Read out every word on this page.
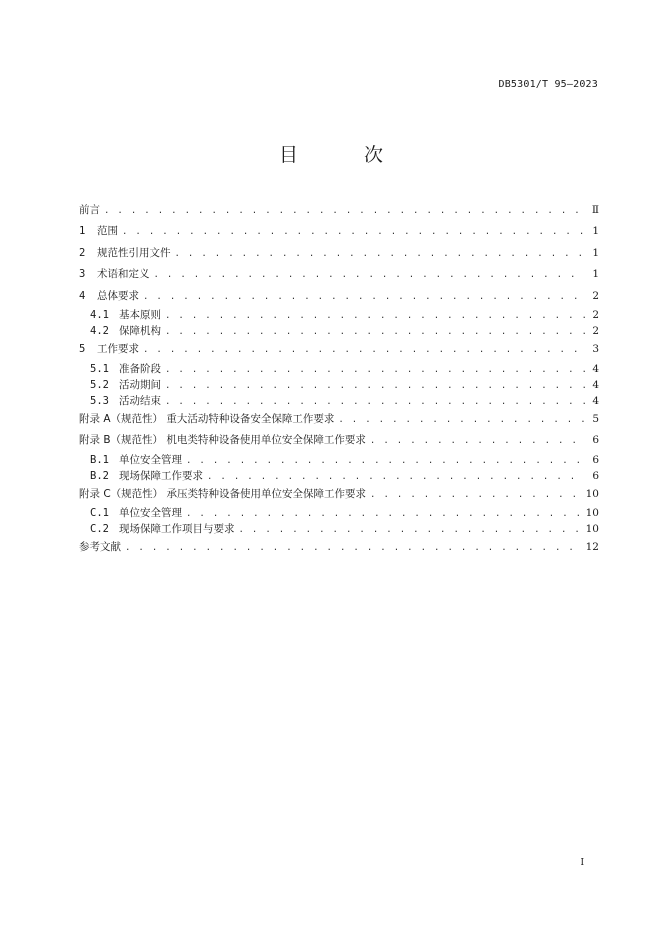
DB5301/T 95—2023
目 次
前言 . . .	Ⅱ
1	范围 . . .	1
2	规范性引用文件 . . .	1
3	术语和定义 . . .	1
4	总体要求 . . .	2
4.1 基本原则 . . .	2
4.2 保障机构 . . .	2
5	工作要求 . . .	3
5.1 准备阶段 . . .	4
5.2 活动期间 . . .	4
5.3 活动结束 . . .	4
附录 A（规范性） 重大活动特种设备安全保障工作要求 . . .	5
附录 B（规范性） 机电类特种设备使用单位安全保障工作要求 . . .	6
B.1 单位安全管理 . . .	6
B.2 现场保障工作要求 . . .	6
附录 C（规范性） 承压类特种设备使用单位安全保障工作要求 . . .	10
C.1 单位安全管理 . . .	10
C.2 现场保障工作项目与要求 . . .	10
参考文献 . . .	12
I
